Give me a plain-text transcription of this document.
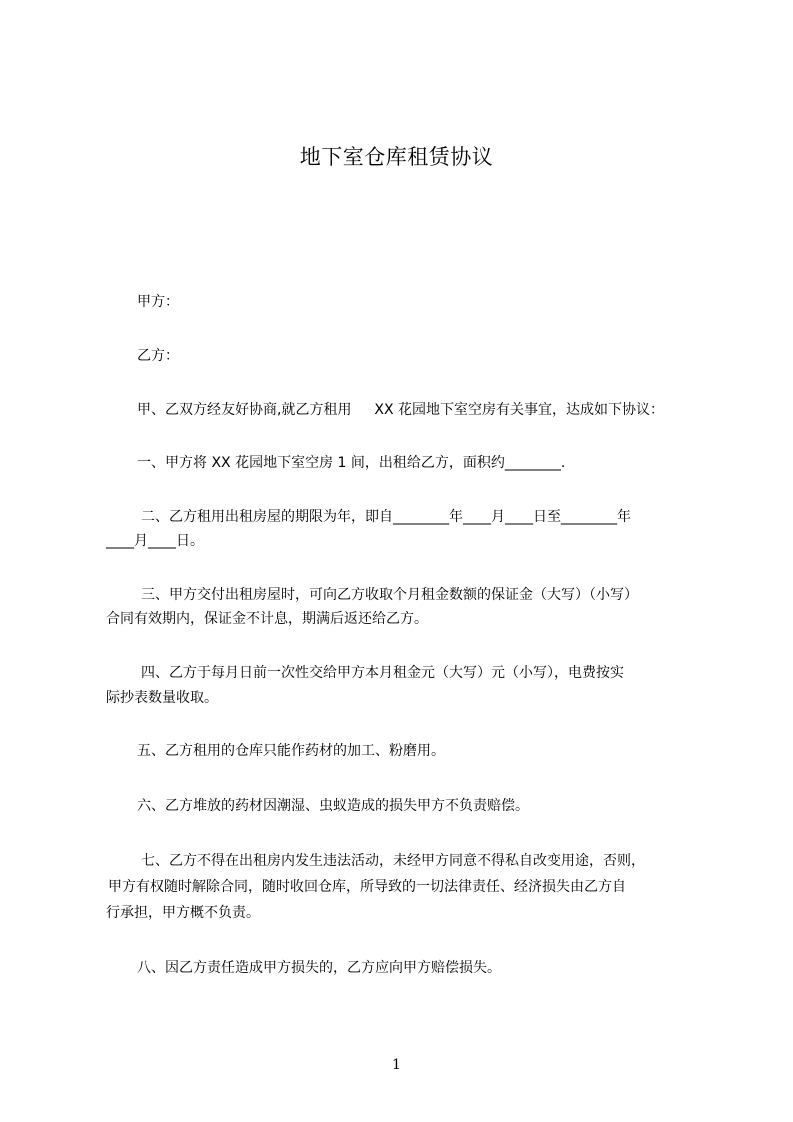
地下室仓库租赁协议
甲方：
乙方：
甲、乙双方经友好协商,就乙方租用 　 XX 花园地下室空房有关事宜，达成如下协议：
一、甲方将 XX 花园地下室空房 1 间，出租给乙方，面积约________.
二、乙方租用出租房屋的期限为年，即自________年____月____日至________年
____月____日。
三、甲方交付出租房屋时，可向乙方收取个月租金数额的保证金（大写）（小写）
合同有效期内，保证金不计息，期满后返还给乙方。
四、乙方于每月日前一次性交给甲方本月租金元（大写）元（小写），电费按实
际抄表数量收取。
五、乙方租用的仓库只能作药材的加工、粉磨用。
六、乙方堆放的药材因潮湿、虫蚁造成的损失甲方不负责赔偿。
七、乙方不得在出租房内发生违法活动，未经甲方同意不得私自改变用途，否则，
甲方有权随时解除合同，随时收回仓库，所导致的一切法律责任、经济损失由乙方自
行承担，甲方概不负责。
八、因乙方责任造成甲方损失的，乙方应向甲方赔偿损失。
1
